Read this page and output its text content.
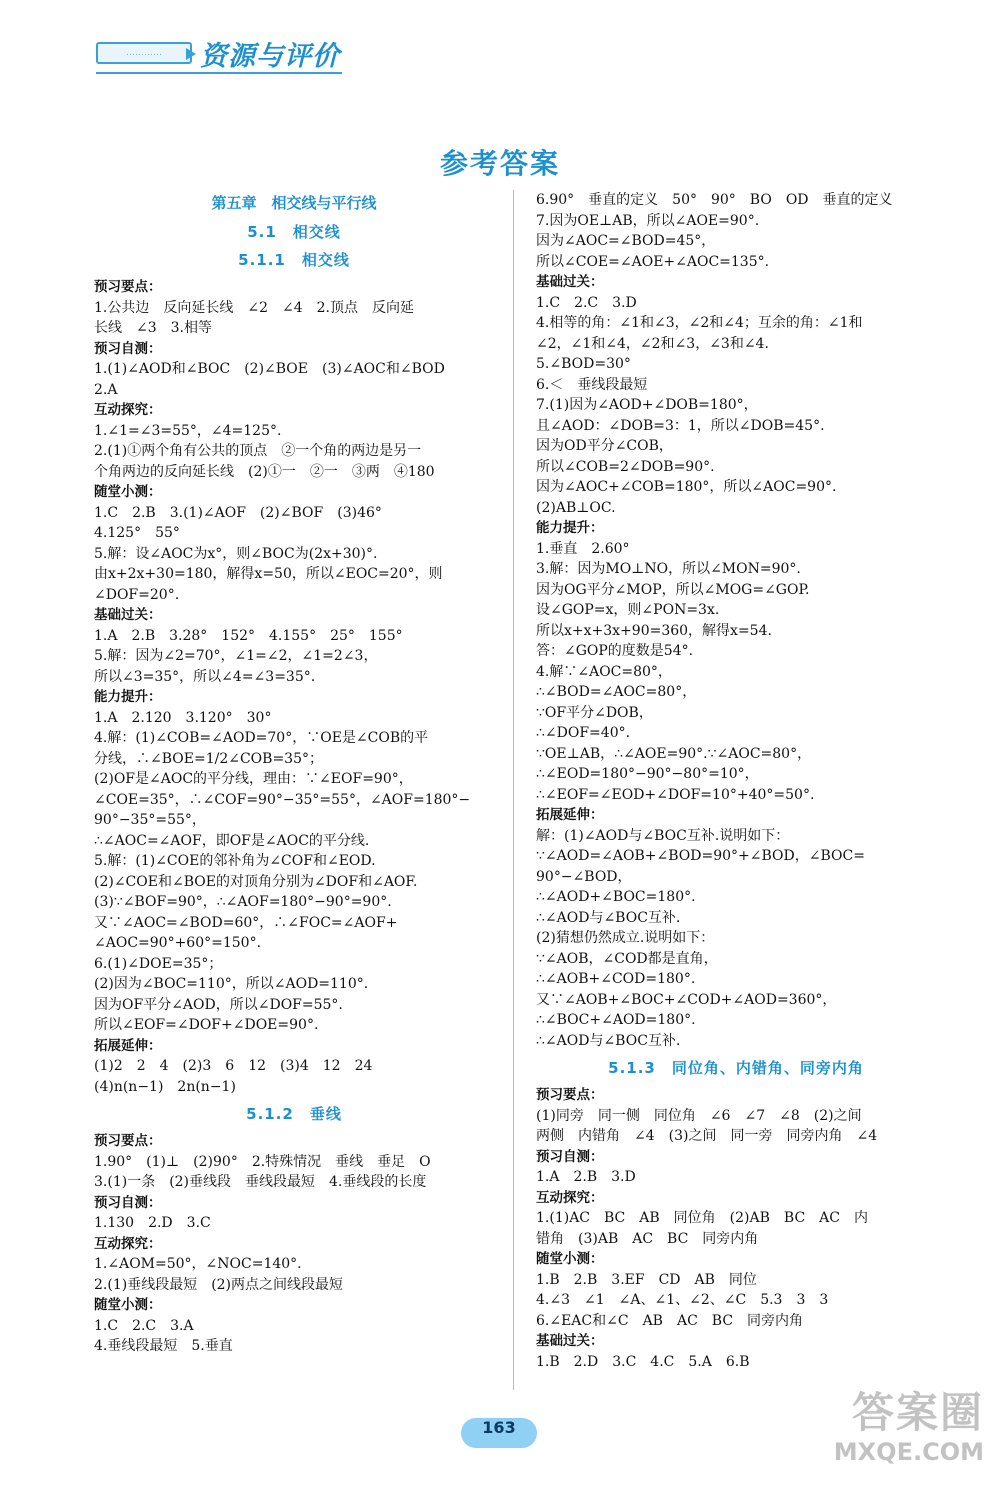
…………	资源与评价
参考答案
第五章　相交线与平行线
5.1　相交线
5.1.1　相交线
预习要点：
1.公共边　反向延长线　∠2　∠4　2.顶点　反向延
长线　∠3　3.相等
预习自测：
1.(1)∠AOD和∠BOC　(2)∠BOE　(3)∠AOC和∠BOD
2.A
互动探究：
1.∠1=∠3=55°，∠4=125°.
2.(1)①两个角有公共的顶点　②一个角的两边是另一
个角两边的反向延长线　(2)①一　②一　③两　④180
随堂小测：
1.C　2.B　3.(1)∠AOF　(2)∠BOF　(3)46°
4.125°　55°
5.解：设∠AOC为x°，则∠BOC为(2x+30)°.
由x+2x+30=180，解得x=50，所以∠EOC=20°，则
∠DOF=20°.
基础过关：
1.A　2.B　3.28°　152°　4.155°　25°　155°
5.解：因为∠2=70°，∠1=∠2，∠1=2∠3，
所以∠3=35°，所以∠4=∠3=35°.
能力提升：
1.A　2.120　3.120°　30°
4.解：(1)∠COB=∠AOD=70°，∵OE是∠COB的平
分线，∴∠BOE=1/2∠COB=35°；
(2)OF是∠AOC的平分线，理由：∵∠EOF=90°，
∠COE=35°，∴∠COF=90°−35°=55°，∠AOF=180°−
90°−35°=55°，
∴∠AOC=∠AOF，即OF是∠AOC的平分线.
5.解：(1)∠COE的邻补角为∠COF和∠EOD.
(2)∠COE和∠BOE的对顶角分别为∠DOF和∠AOF.
(3)∵∠BOF=90°，∴∠AOF=180°−90°=90°.
又∵∠AOC=∠BOD=60°，∴∠FOC=∠AOF+
∠AOC=90°+60°=150°.
6.(1)∠DOE=35°；
(2)因为∠BOC=110°，所以∠AOD=110°.
因为OF平分∠AOD，所以∠DOF=55°.
所以∠EOF=∠DOF+∠DOE=90°.
拓展延伸：
(1)2　2　4　(2)3　6　12　(3)4　12　24
(4)n(n−1)　2n(n−1)
5.1.2　垂线
预习要点：
1.90°　(1)⊥　(2)90°　2.特殊情况　垂线　垂足　O
3.(1)一条　(2)垂线段　垂线段最短　4.垂线段的长度
预习自测：
1.130　2.D　3.C
互动探究：
1.∠AOM=50°，∠NOC=140°.
2.(1)垂线段最短　(2)两点之间线段最短
随堂小测：
1.C　2.C　3.A
4.垂线段最短　5.垂直
6.90°　垂直的定义　50°　90°　BO　OD　垂直的定义
7.因为OE⊥AB，所以∠AOE=90°.
因为∠AOC=∠BOD=45°，
所以∠COE=∠AOE+∠AOC=135°.
基础过关：
1.C　2.C　3.D
4.相等的角：∠1和∠3，∠2和∠4；互余的角：∠1和
∠2，∠1和∠4，∠2和∠3，∠3和∠4.
5.∠BOD=30°
6.＜　垂线段最短
7.(1)因为∠AOD+∠DOB=180°，
且∠AOD：∠DOB=3：1，所以∠DOB=45°.
因为OD平分∠COB，
所以∠COB=2∠DOB=90°.
因为∠AOC+∠COB=180°，所以∠AOC=90°.
(2)AB⊥OC.
能力提升：
1.垂直　2.60°
3.解：因为MO⊥NO，所以∠MON=90°.
因为OG平分∠MOP，所以∠MOG=∠GOP.
设∠GOP=x，则∠PON=3x.
所以x+x+3x+90=360，解得x=54.
答：∠GOP的度数是54°.
4.解∵∠AOC=80°，
∴∠BOD=∠AOC=80°，
∵OF平分∠DOB，
∴∠DOF=40°.
∵OE⊥AB，∴∠AOE=90°.∵∠AOC=80°，
∴∠EOD=180°−90°−80°=10°，
∴∠EOF=∠EOD+∠DOF=10°+40°=50°.
拓展延伸：
解：(1)∠AOD与∠BOC互补.说明如下：
∵∠AOD=∠AOB+∠BOD=90°+∠BOD，∠BOC=
90°−∠BOD，
∴∠AOD+∠BOC=180°.
∴∠AOD与∠BOC互补.
(2)猜想仍然成立.说明如下：
∵∠AOB，∠COD都是直角，
∴∠AOB+∠COD=180°.
又∵∠AOB+∠BOC+∠COD+∠AOD=360°，
∴∠BOC+∠AOD=180°.
∴∠AOD与∠BOC互补.
5.1.3　同位角、内错角、同旁内角
预习要点：
(1)同旁　同一侧　同位角　∠6　∠7　∠8　(2)之间
两侧　内错角　∠4　(3)之间　同一旁　同旁内角　∠4
预习自测：
1.A　2.B　3.D
互动探究：
1.(1)AC　BC　AB　同位角　(2)AB　BC　AC　内
错角　(3)AB　AC　BC　同旁内角
随堂小测：
1.B　2.B　3.EF　CD　AB　同位
4.∠3　∠1　∠A、∠1、∠2、∠C　5.3　3　3
6.∠EAC和∠C　AB　AC　BC　同旁内角
基础过关：
1.B　2.D　3.C　4.C　5.A　6.B
163	答案圈
MXQE.COM
